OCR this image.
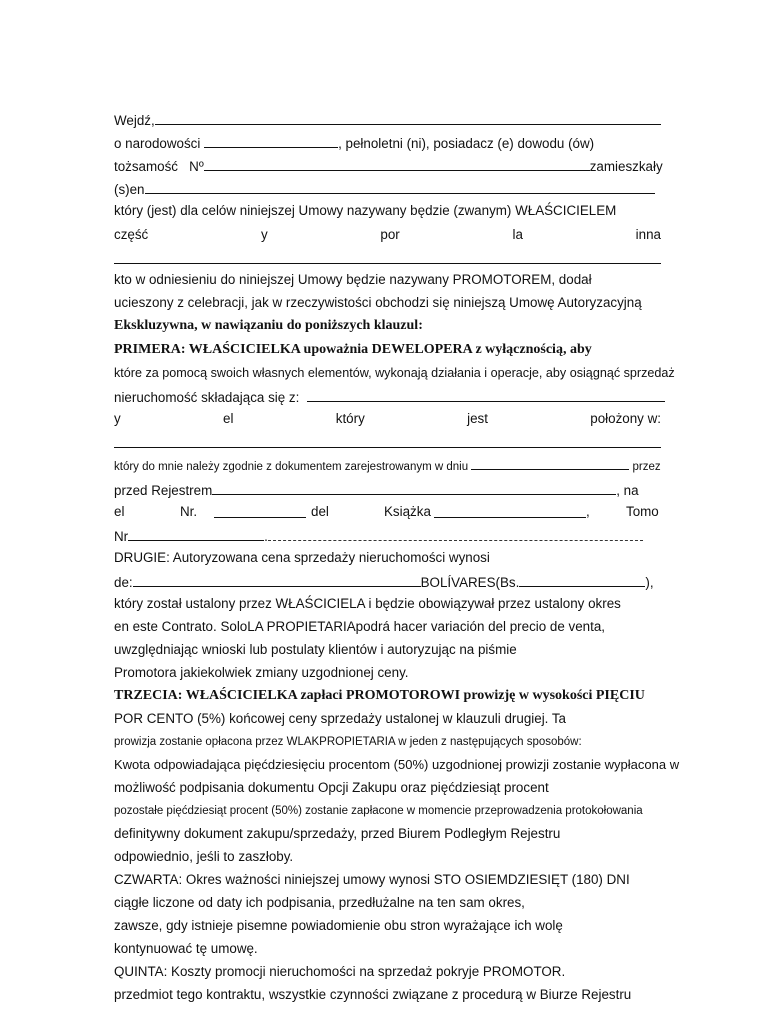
Wejdź,
o narodowości	, pełnoletni (ni), posiadacz (e) dowodu (ów)
tożsamość Nº	zamieszkały
(s)en
który (jest) dla celów niniejszej Umowy nazywany będzie (zwanym) WŁAŚCICIELEM
część	y	por	la	inna
kto w odniesieniu do niniejszej Umowy będzie nazywany PROMOTOREM, dodał
ucieszony z celebracji, jak w rzeczywistości obchodzi się niniejszą Umowę Autoryzacyjną
Ekskluzywna, w nawiązaniu do poniższych klauzul:
PRIMERA: WŁAŚCICIELKA upoważnia DEWELOPERA z wyłącznością, aby
które za pomocą swoich własnych elementów, wykonają działania i operacje, aby osiągnąć sprzedaż
nieruchomość składająca się z:
y	el	który	jest	położony w:
który do mnie należy zgodnie z dokumentem zarejestrowanym w dniu	przez
przed Rejestrem	, na
el	Nr.	del	Książka	,	Tomo
Nr	.
DRUGIE: Autoryzowana cena sprzedaży nieruchomości wynosi
de:	BOLÍVARES(Bs.	),
który został ustalony przez WŁAŚCICIELA i będzie obowiązywał przez ustalony okres
en este Contrato. SoloLA PROPIETARIApodrá hacer variación del precio de venta,
uwzględniając wnioski lub postulaty klientów i autoryzując na piśmie
Promotora jakiekolwiek zmiany uzgodnionej ceny.
TRZECIA: WŁAŚCICIELKA zapłaci PROMOTOROWI prowizję w wysokości PIĘCIU
POR CENTO (5%) końcowej ceny sprzedaży ustalonej w klauzuli drugiej. Ta
prowizja zostanie opłacona przez WLAKPROPIETARIA w jeden z następujących sposobów:
Kwota odpowiadająca pięćdziesięciu procentom (50%) uzgodnionej prowizji zostanie wypłacona w
możliwość podpisania dokumentu Opcji Zakupu oraz pięćdziesiąt procent
pozostałe pięćdziesiąt procent (50%) zostanie zapłacone w momencie przeprowadzenia protokołowania
definitywny dokument zakupu/sprzedaży, przed Biurem Podległym Rejestru
odpowiednio, jeśli to zaszłoby.
CZWARTA: Okres ważności niniejszej umowy wynosi STO OSIEMDZIESIĘT (180) DNI
ciągłe liczone od daty ich podpisania, przedłużalne na ten sam okres,
zawsze, gdy istnieje pisemne powiadomienie obu stron wyrażające ich wolę
kontynuować tę umowę.
QUINTA: Koszty promocji nieruchomości na sprzedaż pokryje PROMOTOR.
przedmiot tego kontraktu, wszystkie czynności związane z procedurą w Biurze Rejestru
